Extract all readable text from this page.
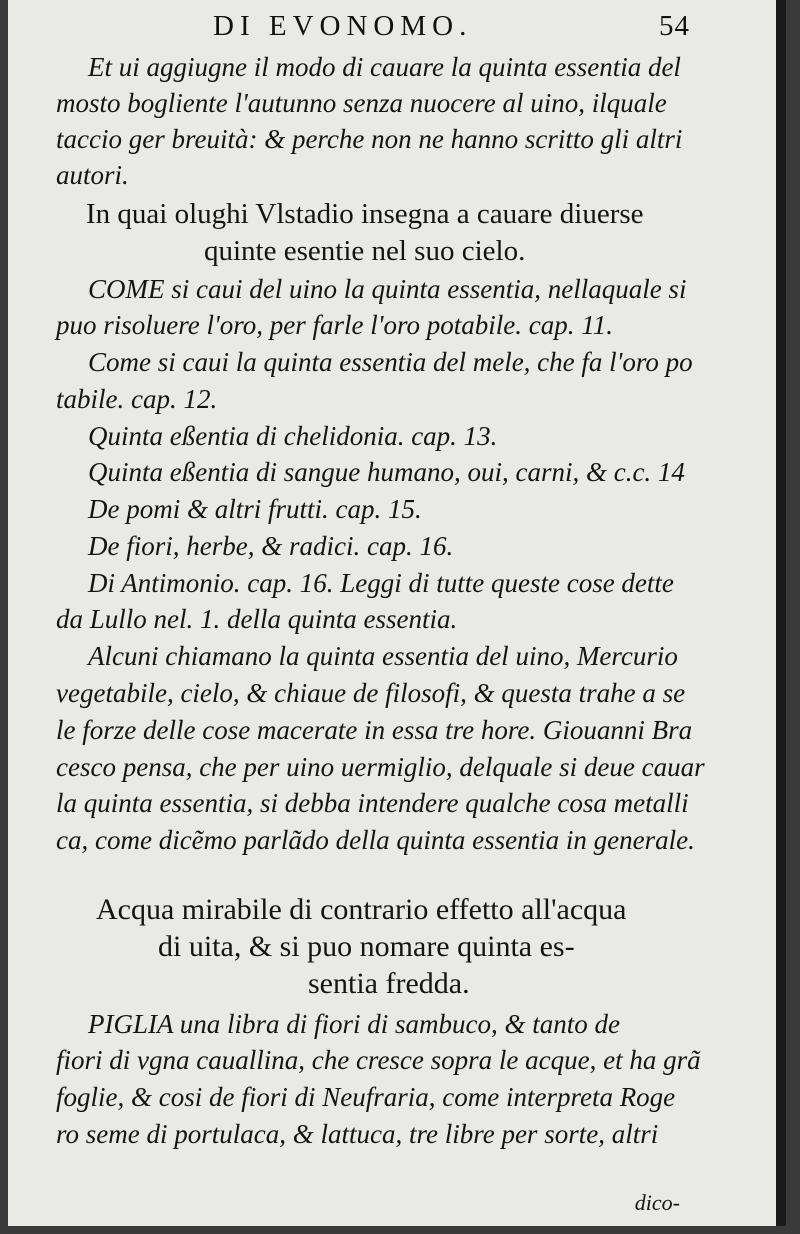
DI EVONOMO.	54
Et ui aggiugne il modo di cauare la quinta essentia del
mosto bogliente l'autunno senza nuocere al uino, ilquale
taccio ger breuità: & perche non ne hanno scritto gli altri
autori.
In quai olughi Vlstadio insegna a cauare diuerse
quinte esentie nel suo cielo.
COME si caui del uino la quinta essentia, nellaquale si
puo risoluere l'oro, per farle l'oro potabile. cap. 11.
Come si caui la quinta essentia del mele, che fa l'oro po
tabile. cap. 12.
Quinta eßentia di chelidonia. cap. 13.
Quinta eßentia di sangue humano, oui, carni, & c.c. 14
De pomi & altri frutti. cap. 15.
De fiori, herbe, & radici. cap. 16.
Di Antimonio. cap. 16. Leggi di tutte queste cose dette
da Lullo nel. 1. della quinta essentia.
Alcuni chiamano la quinta essentia del uino, Mercurio
vegetabile, cielo, & chiaue de filosofi, & questa trahe a se
le forze delle cose macerate in essa tre hore. Giouanni Bra
cesco pensa, che per uino uermiglio, delquale si deue cauar
la quinta essentia, si debba intendere qualche cosa metalli
ca, come dicẽmo parlãdo della quinta essentia in generale.
Acqua mirabile di contrario effetto all'acqua
di uita, & si puo nomare quinta es-
sentia fredda.
PIGLIA una libra di fiori di sambuco, & tanto de
fiori di vgna cauallina, che cresce sopra le acque, et ha grã
foglie, & cosi de fiori di Neufraria, come interpreta Roge
ro seme di portulaca, & lattuca, tre libre per sorte, altri
dico-
